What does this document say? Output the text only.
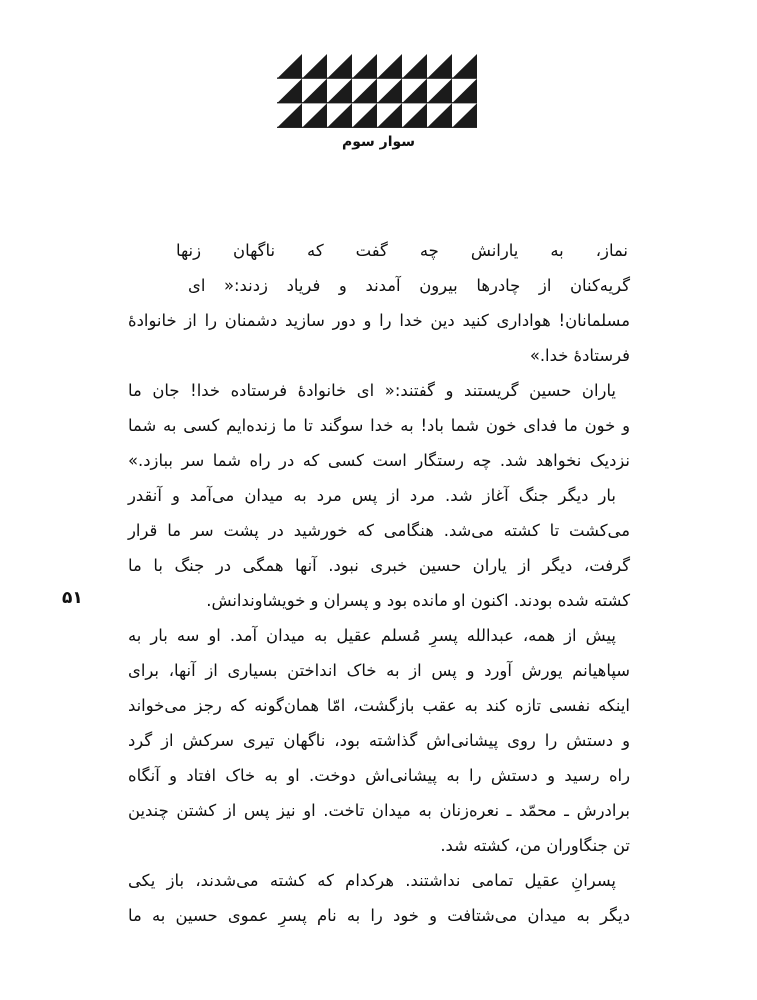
سوار سوم
۵۱
نماز، به یارانش چه گفت که ناگهان زنها
گریه‌کنان از چادرها بیرون آمدند و فریاد زدند:« ای
مسلمانان! هواداری کنید دین خدا را و دور سازید دشمنان را از خانوادهٔ
فرستادهٔ خدا.»
یاران حسین گریستند و گفتند:« ای خانوادهٔ فرستاده خدا! جان ما
و خون ما فدای خون شما باد! به خدا سوگند تا ما زنده‌ایم کسی به شما
نزدیک نخواهد شد. چه رستگار است کسی که در راه شما سر ببازد.»
بار دیگر جنگ آغاز شد. مرد از پس مرد به میدان می‌آمد و آنقدر
می‌کشت تا کشته می‌شد. هنگامی که خورشید در پشت سر ما قرار
گرفت، دیگر از یاران حسین خبری نبود. آنها همگی در جنگ با ما
کشته شده بودند. اکنون او مانده بود و پسران و خویشاوندانش.
پیش از همه، عبدالله پسرِ مُسلم عقیل به میدان آمد. او سه بار به
سپاهیانم یورش آورد و پس از به خاک انداختن بسیاری از آنها، برای
اینکه نفسی تازه کند به عقب بازگشت، امّا همان‌گونه که رجز می‌خواند
و دستش را روی پیشانی‌اش گذاشته بود، ناگهان تیری سرکش از گرد
راه رسید و دستش را به پیشانی‌اش دوخت. او به خاک افتاد و آنگاه
برادرش ـ محمّد ـ نعره‌زنان به میدان تاخت. او نیز پس از کشتن چندین
تن جنگاوران من، کشته شد.
پسرانِ عقیل تمامی نداشتند. هرکدام که کشته می‌شدند، باز یکی
دیگر به میدان می‌شتافت و خود را به نام پسرِ عموی حسین به ما
